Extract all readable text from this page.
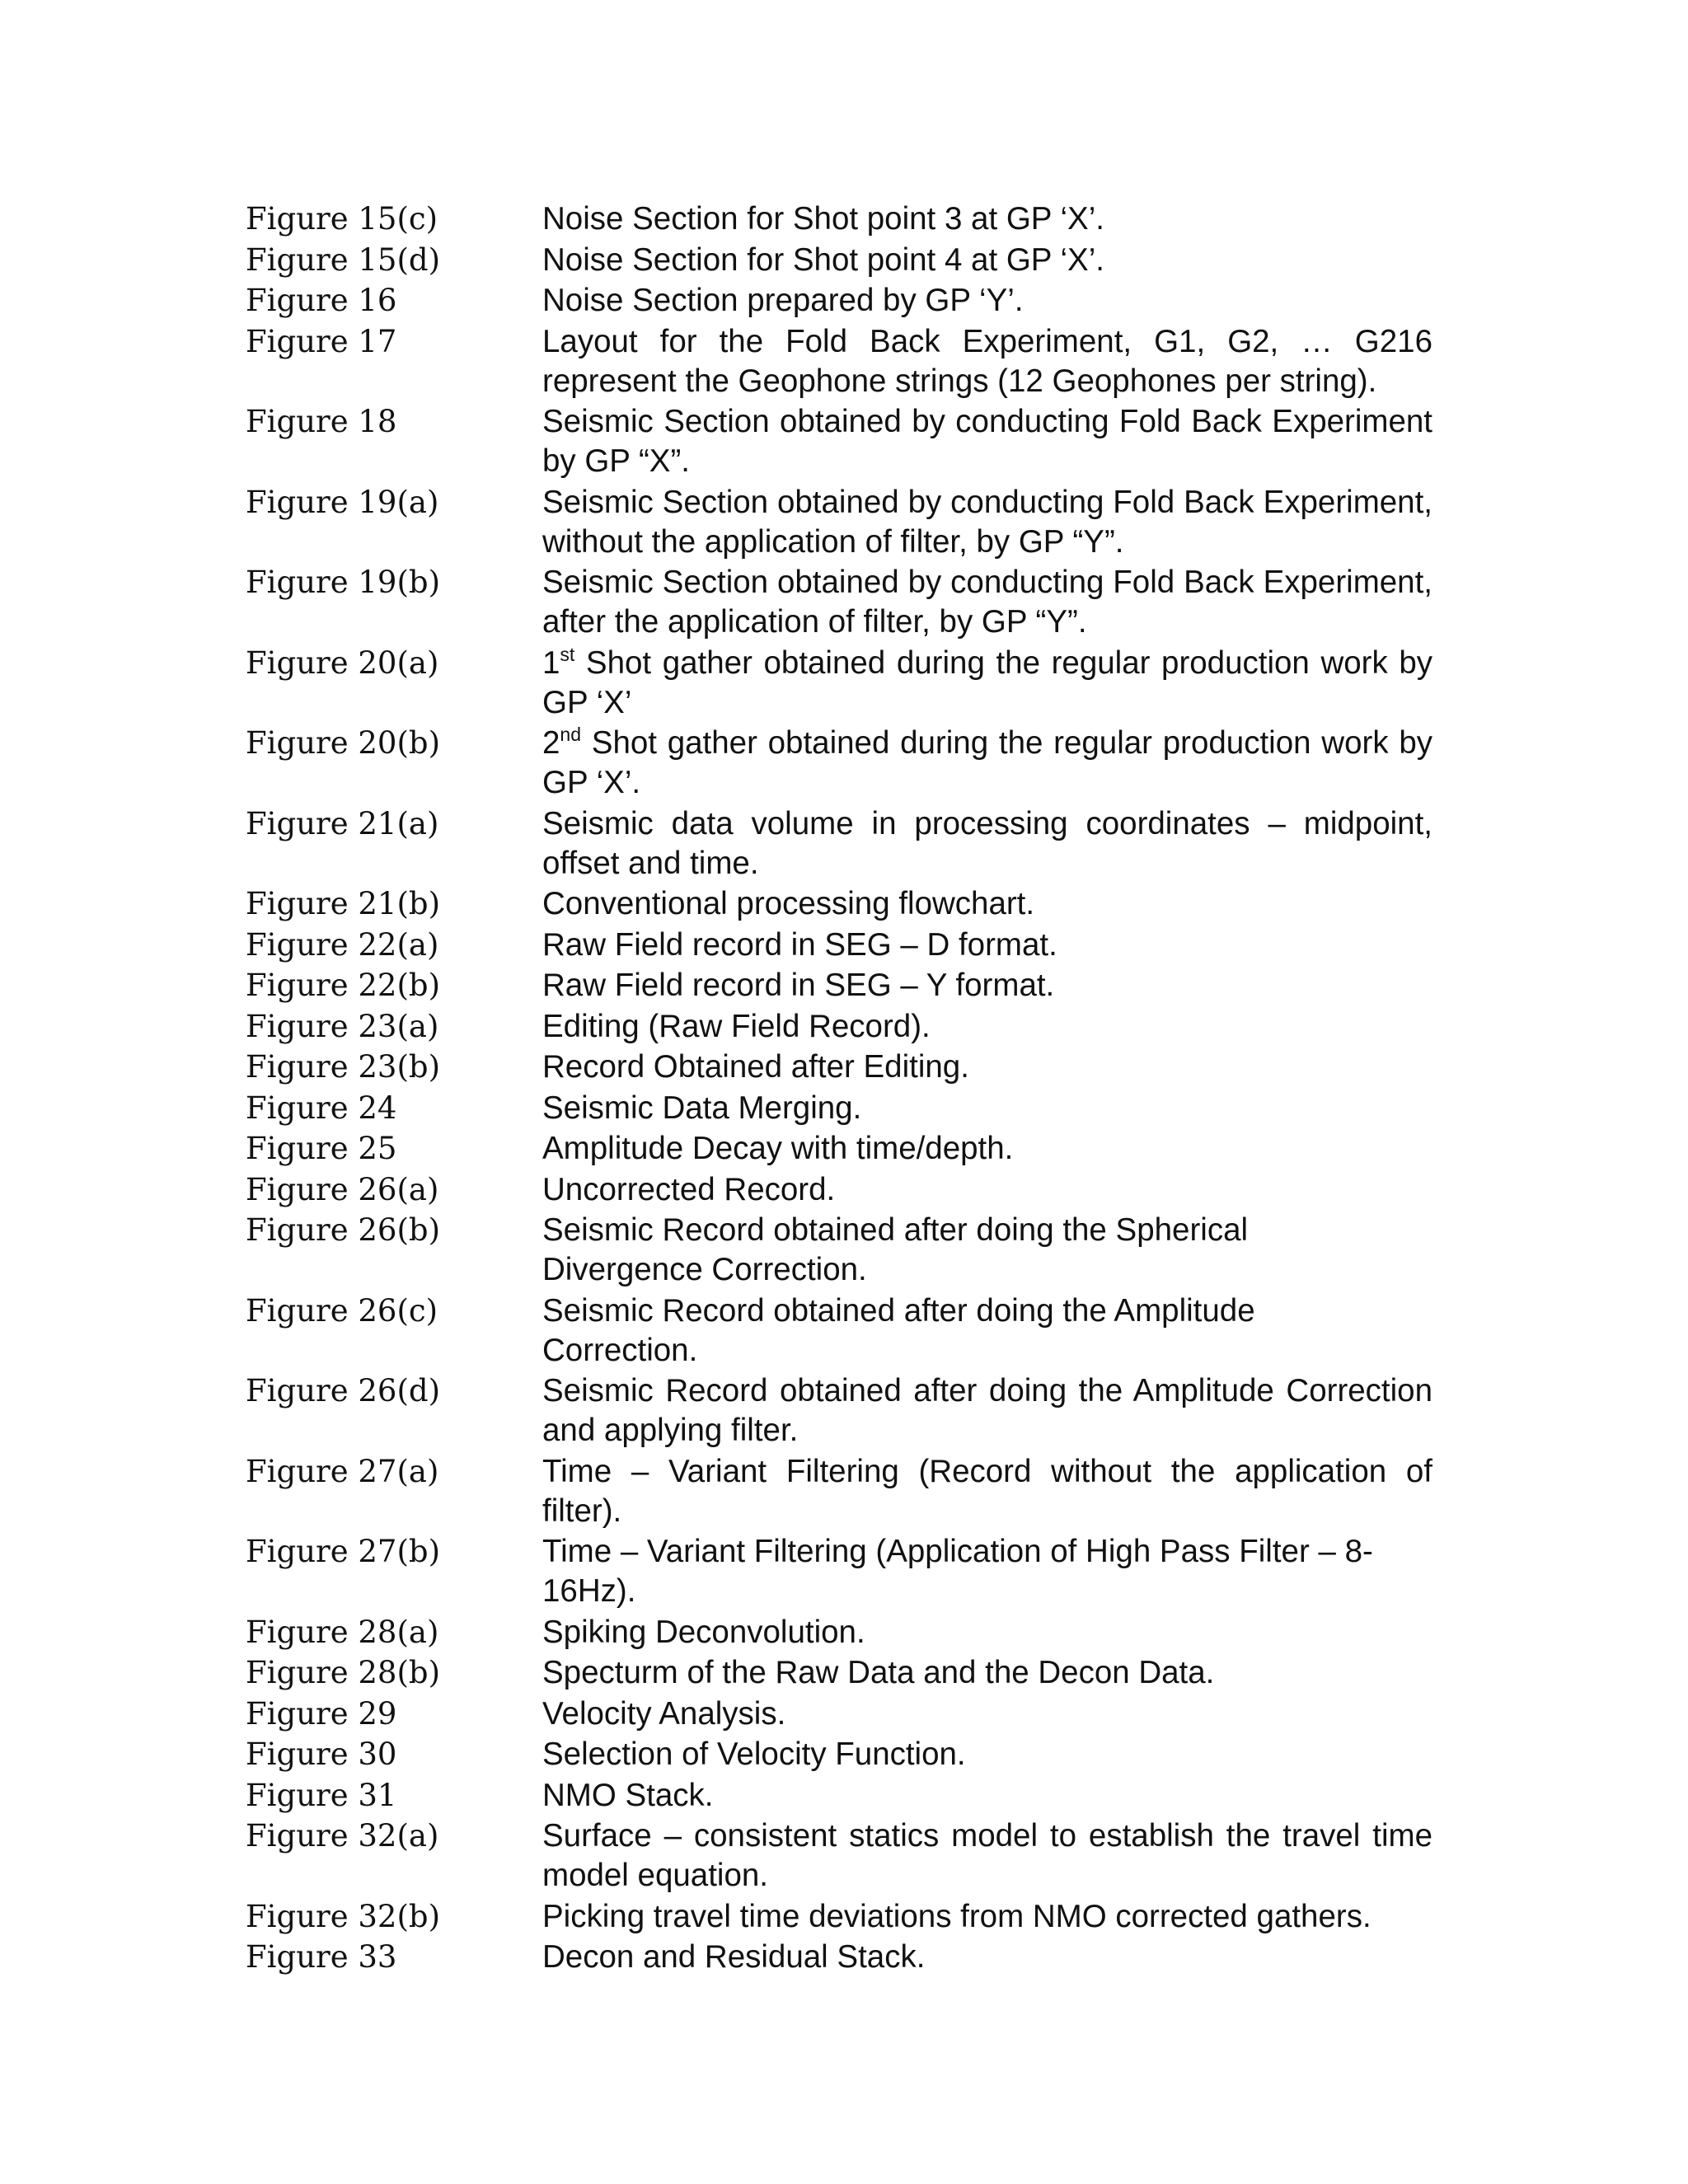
Figure 15(c)	Noise Section for Shot point 3 at GP ‘X’.
Figure 15(d)	Noise Section for Shot point 4 at GP ‘X’.
Figure 16	Noise Section prepared by GP ‘Y’.
Figure 17	Layout for the Fold Back Experiment, G1, G2, … G216 represent the Geophone strings (12 Geophones per string).
Figure 18	Seismic Section obtained by conducting Fold Back Experiment by GP “X”.
Figure 19(a)	Seismic Section obtained by conducting Fold Back Experiment, without the application of filter, by GP “Y”.
Figure 19(b)	Seismic Section obtained by conducting Fold Back Experiment, after the application of filter, by GP “Y”.
Figure 20(a)	1st Shot gather obtained during the regular production work by GP ‘X’
Figure 20(b)	2nd Shot gather obtained during the regular production work by GP ‘X’.
Figure 21(a)	Seismic data volume in processing coordinates – midpoint, offset and time.
Figure 21(b)	Conventional processing flowchart.
Figure 22(a)	Raw Field record in SEG – D format.
Figure 22(b)	Raw Field record in SEG – Y format.
Figure 23(a)	Editing (Raw Field Record).
Figure 23(b)	Record Obtained after Editing.
Figure 24	Seismic Data Merging.
Figure 25	Amplitude Decay with time/depth.
Figure 26(a)	Uncorrected Record.
Figure 26(b)	Seismic Record obtained after doing the Spherical
Divergence Correction.
Figure 26(c)	Seismic Record obtained after doing the Amplitude
Correction.
Figure 26(d)	Seismic Record obtained after doing the Amplitude Correction and applying filter.
Figure 27(a)	Time – Variant Filtering (Record without the application of filter).
Figure 27(b)	Time – Variant Filtering (Application of High Pass Filter – 8-
16Hz).
Figure 28(a)	Spiking Deconvolution.
Figure 28(b)	Specturm of the Raw Data and the Decon Data.
Figure 29	Velocity Analysis.
Figure 30	Selection of Velocity Function.
Figure 31	NMO Stack.
Figure 32(a)	Surface – consistent statics model to establish the travel time model equation.
Figure 32(b)	Picking travel time deviations from NMO corrected gathers.
Figure 33	Decon and Residual Stack.
